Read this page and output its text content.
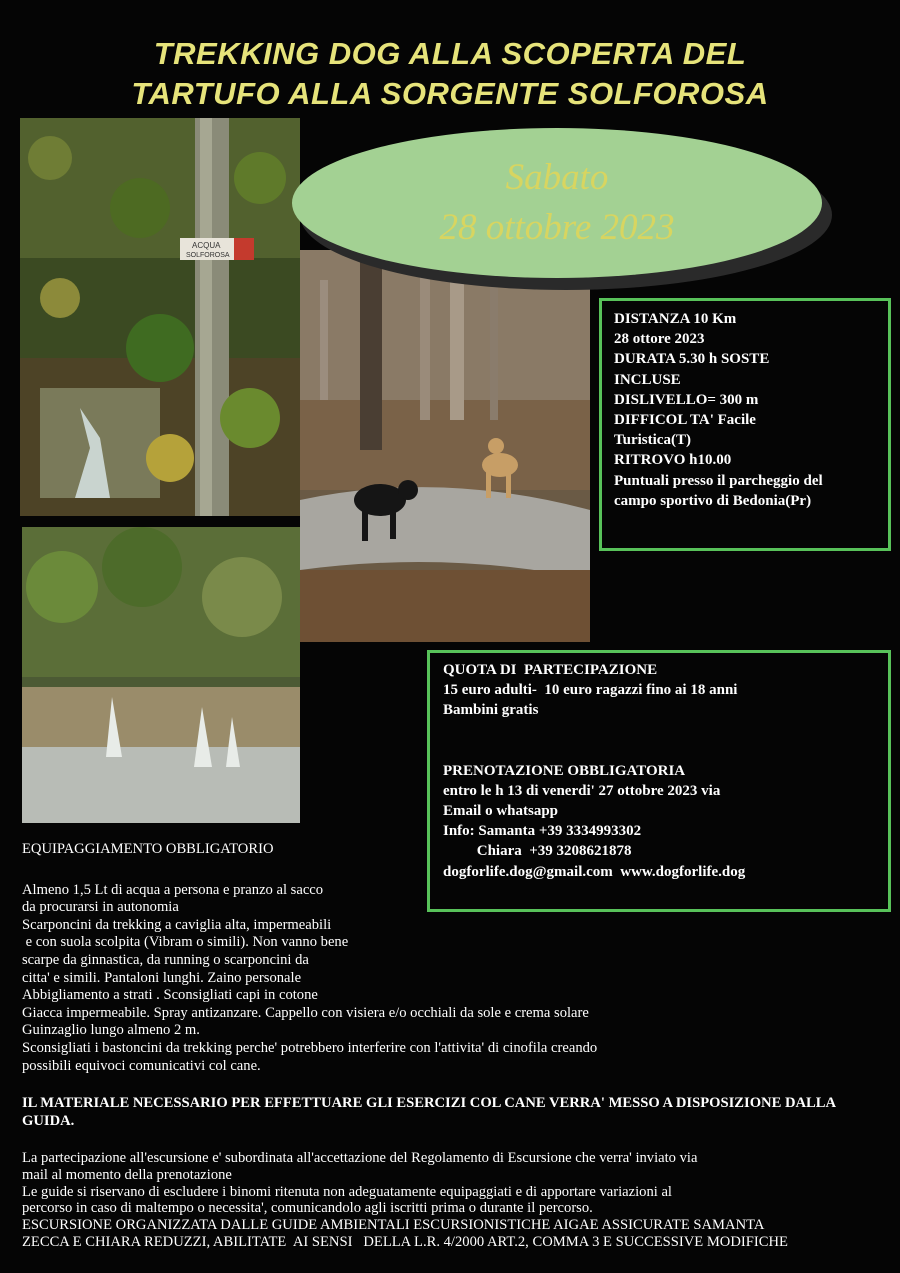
TREKKING DOG ALLA SCOPERTA DEL
TARTUFO ALLA SORGENTE SOLFOROSA
ACQUA
SOLFOROSA
Sabato
28 ottobre 2023
DISTANZA 10 Km
28 ottore 2023
DURATA 5.30 h SOSTE
INCLUSE
DISLIVELLO= 300 m
DIFFICOL TA' Facile
Turistica(T)
RITROVO h10.00
Puntuali presso il parcheggio del
campo sportivo di Bedonia(Pr)
QUOTA DI  PARTECIPAZIONE
15 euro adulti-  10 euro ragazzi fino ai 18 anni
Bambini gratis
PRENOTAZIONE OBBLIGATORIA
entro le h 13 di venerdi' 27 ottobre 2023 via
Email o whatsapp
Info: Samanta +39 3334993302
Chiara  +39 3208621878
dogforlife.dog@gmail.com  www.dogforlife.dog
EQUIPAGGIAMENTO OBBLIGATORIO
Almeno 1,5 Lt di acqua a persona e pranzo al sacco
da procurarsi in autonomia
Scarponcini da trekking a caviglia alta, impermeabili
e con suola scolpita (Vibram o simili). Non vanno bene
scarpe da ginnastica, da running o scarponcini da
citta' e simili. Pantaloni lunghi. Zaino personale
Abbigliamento a strati . Sconsigliati capi in cotone
Giacca impermeabile. Spray antizanzare. Cappello con visiera e/o occhiali da sole e crema solare
Guinzaglio lungo almeno 2 m.
Sconsigliati i bastoncini da trekking perche' potrebbero interferire con l'attivita' di cinofila creando
possibili equivoci comunicativi col cane.
IL MATERIALE NECESSARIO PER EFFETTUARE GLI ESERCIZI COL CANE VERRA' MESSO A DISPOSIZIONE DALLA GUIDA.
La partecipazione all'escursione e' subordinata all'accettazione del Regolamento di Escursione che verra' inviato via
mail al momento della prenotazione
Le guide si riservano di escludere i binomi ritenuta non adeguatamente equipaggiati e di apportare variazioni al
percorso in caso di maltempo o necessita', comunicandolo agli iscritti prima o durante il percorso.
ESCURSIONE ORGANIZZATA DALLE GUIDE AMBIENTALI ESCURSIONISTICHE AIGAE ASSICURATE SAMANTA
ZECCA E CHIARA REDUZZI, ABILITATE  AI SENSI   DELLA L.R. 4/2000 ART.2, COMMA 3 E SUCCESSIVE MODIFICHE
